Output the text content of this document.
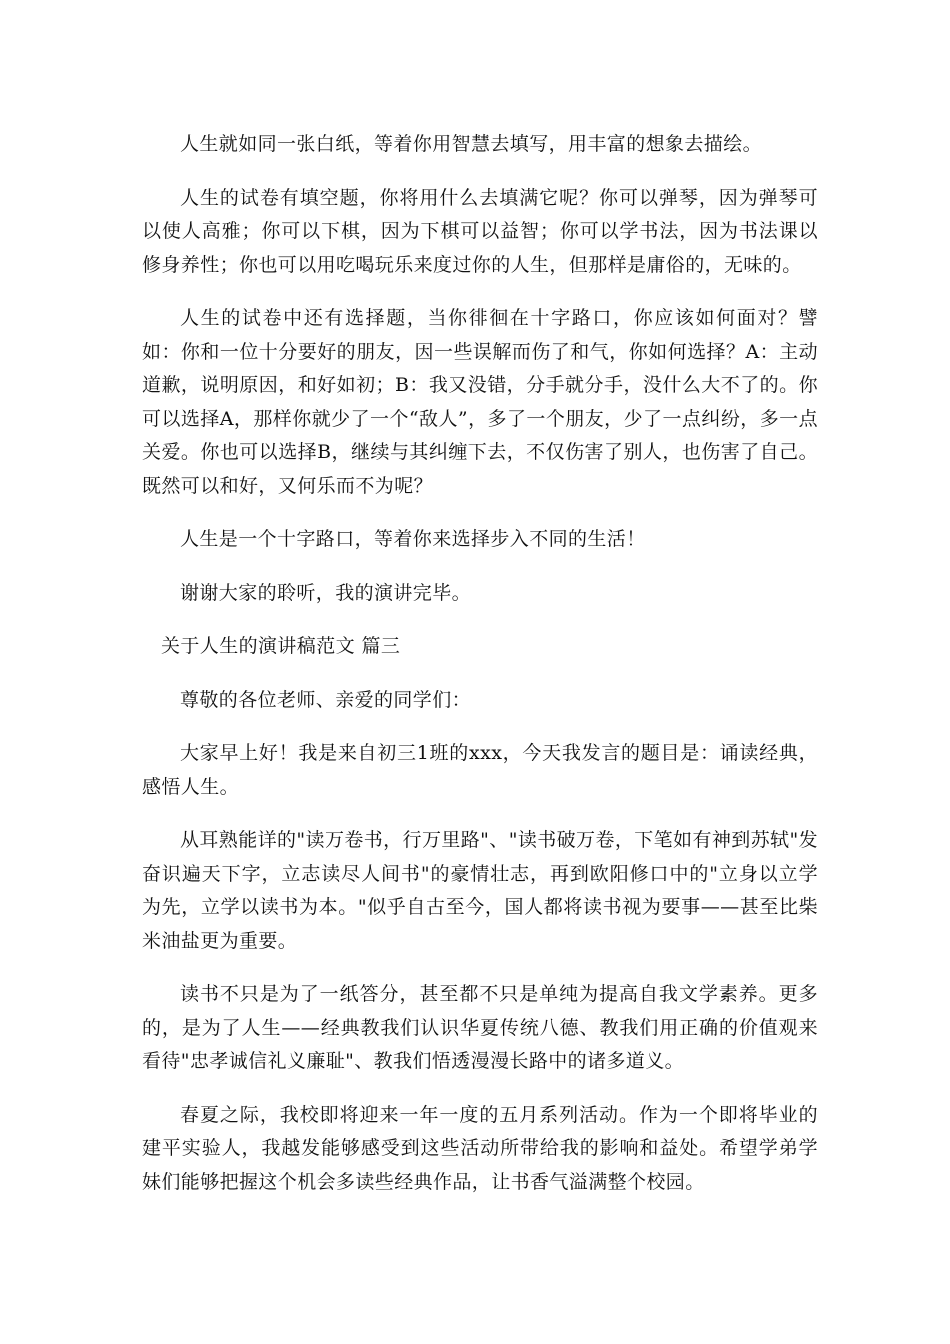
人生就如同一张白纸，等着你用智慧去填写，用丰富的想象去描绘。

人生的试卷有填空题，你将用什么去填满它呢？你可以弹琴，因为弹琴可以使人高雅；你可以下棋，因为下棋可以益智；你可以学书法，因为书法课以修身养性；你也可以用吃喝玩乐来度过你的人生，但那样是庸俗的，无味的。

人生的试卷中还有选择题，当你徘徊在十字路口，你应该如何面对？譬如：你和一位十分要好的朋友，因一些误解而伤了和气，你如何选择？A：主动道歉，说明原因，和好如初；B：我又没错，分手就分手，没什么大不了的。你可以选择A，那样你就少了一个“敌人”，多了一个朋友，少了一点纠纷，多一点关爱。你也可以选择B，继续与其纠缠下去，不仅伤害了别人，也伤害了自己。既然可以和好，又何乐而不为呢？

人生是一个十字路口，等着你来选择步入不同的生活！

谢谢大家的聆听，我的演讲完毕。

关于人生的演讲稿范文 篇三

尊敬的各位老师、亲爱的同学们：

大家早上好！我是来自初三1班的xxx，今天我发言的题目是：诵读经典，感悟人生。

从耳熟能详的"读万卷书，行万里路"、"读书破万卷，下笔如有神到苏轼"发奋识遍天下字，立志读尽人间书"的豪情壮志，再到欧阳修口中的"立身以立学为先，立学以读书为本。"似乎自古至今，国人都将读书视为要事——甚至比柴米油盐更为重要。

读书不只是为了一纸答分，甚至都不只是单纯为提高自我文学素养。更多的，是为了人生——经典教我们认识华夏传统八德、教我们用正确的价值观来看待"忠孝诚信礼义廉耻"、教我们悟透漫漫长路中的诸多道义。

春夏之际，我校即将迎来一年一度的五月系列活动。作为一个即将毕业的建平实验人，我越发能够感受到这些活动所带给我的影响和益处。希望学弟学妹们能够把握这个机会多读些经典作品，让书香气溢满整个校园。
